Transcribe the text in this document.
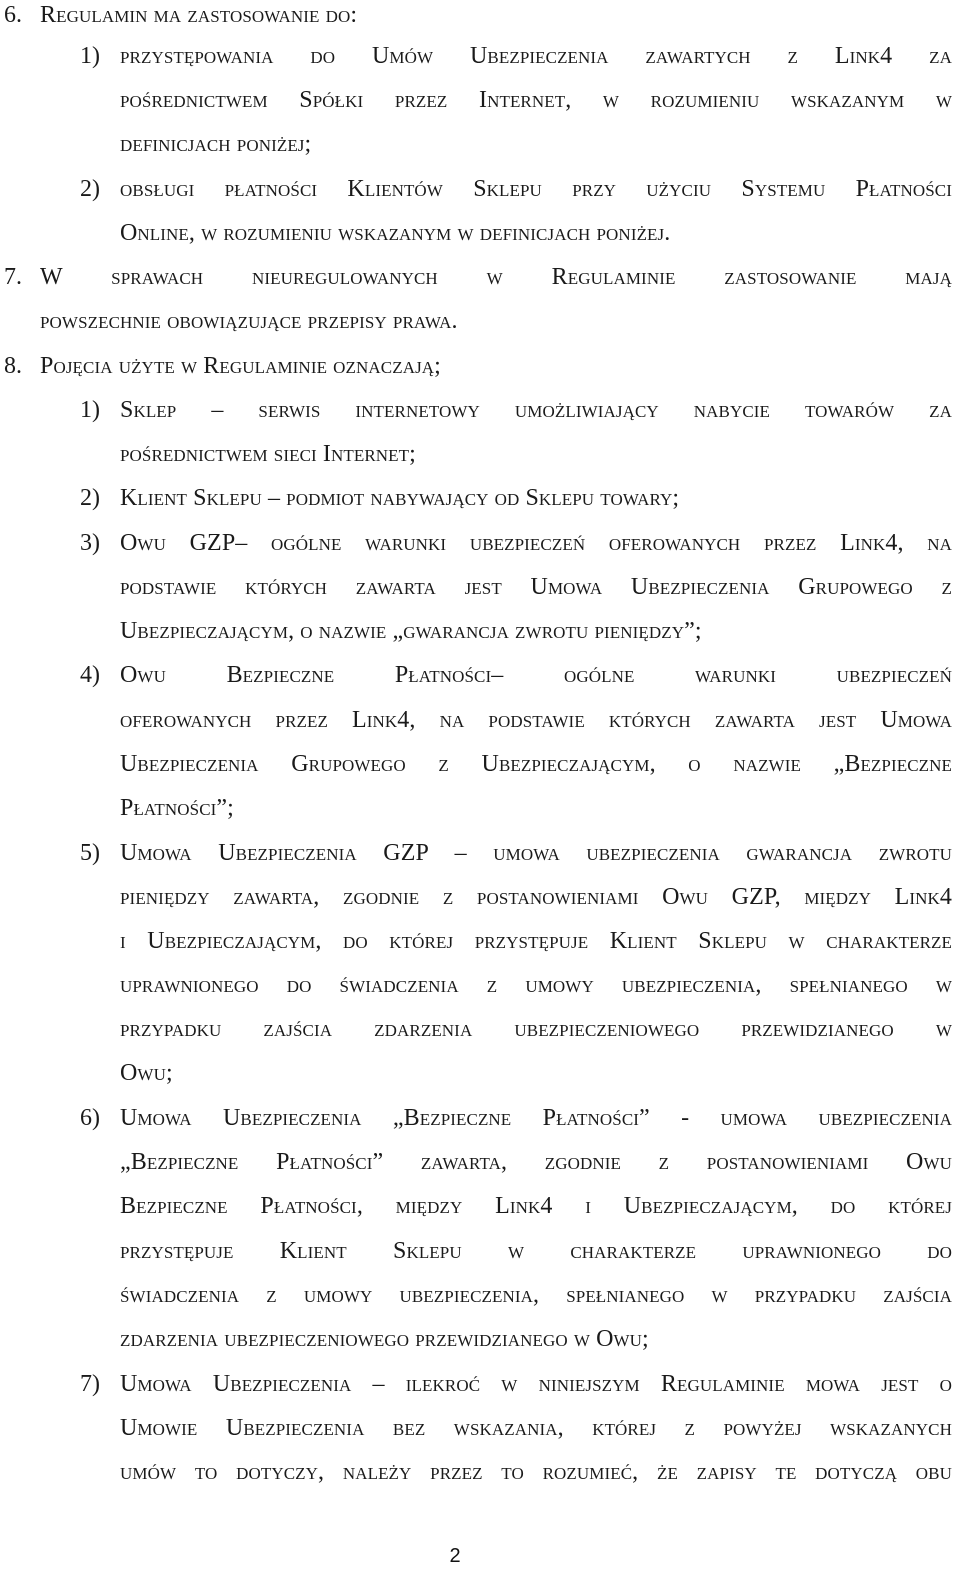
6. Regulamin ma zastosowanie do:
1) przystępowania do Umów Ubezpieczenia zawartych z Link4 za
pośrednictwem Spółki przez Internet, w rozumieniu wskazanym w
definicjach poniżej;
2) obsługi płatności Klientów Sklepu przy użyciu Systemu Płatności
Online, w rozumieniu wskazanym w definicjach poniżej.
7. W sprawach nieuregulowanych w Regulaminie zastosowanie mają
powszechnie obowiązujące przepisy prawa.
8. Pojęcia użyte w Regulaminie oznaczają;
1) Sklep – serwis internetowy umożliwiający nabycie towarów za
pośrednictwem sieci Internet;
2) Klient Sklepu – podmiot nabywający od Sklepu towary;
3) Owu GZP– ogólne warunki ubezpieczeń oferowanych przez Link4, na
podstawie których zawarta jest Umowa Ubezpieczenia Grupowego z
Ubezpieczającym, o nazwie „gwarancja zwrotu pieniędzy”;
4) Owu Bezpieczne Płatności– ogólne warunki ubezpieczeń
oferowanych przez Link4, na podstawie których zawarta jest Umowa
Ubezpieczenia Grupowego z Ubezpieczającym, o nazwie „Bezpieczne
Płatności”;
5) Umowa Ubezpieczenia GZP – umowa ubezpieczenia gwarancja zwrotu
pieniędzy zawarta, zgodnie z postanowieniami Owu GZP, między Link4
i Ubezpieczającym, do której przystępuje Klient Sklepu w charakterze
uprawnionego do świadczenia z umowy ubezpieczenia, spełnianego w
przypadku zajścia zdarzenia ubezpieczeniowego przewidzianego w
Owu;
6) Umowa Ubezpieczenia „Bezpieczne Płatności” - umowa ubezpieczenia
„Bezpieczne Płatności” zawarta, zgodnie z postanowieniami Owu
Bezpieczne Płatności, między Link4 i Ubezpieczającym, do której
przystępuje Klient Sklepu w charakterze uprawnionego do
świadczenia z umowy ubezpieczenia, spełnianego w przypadku zajścia
zdarzenia ubezpieczeniowego przewidzianego w Owu;
7) Umowa Ubezpieczenia – ilekroć w niniejszym Regulaminie mowa jest o
Umowie Ubezpieczenia bez wskazania, której z powyżej wskazanych
umów to dotyczy, należy przez to rozumieć, że zapisy te dotyczą obu
2
